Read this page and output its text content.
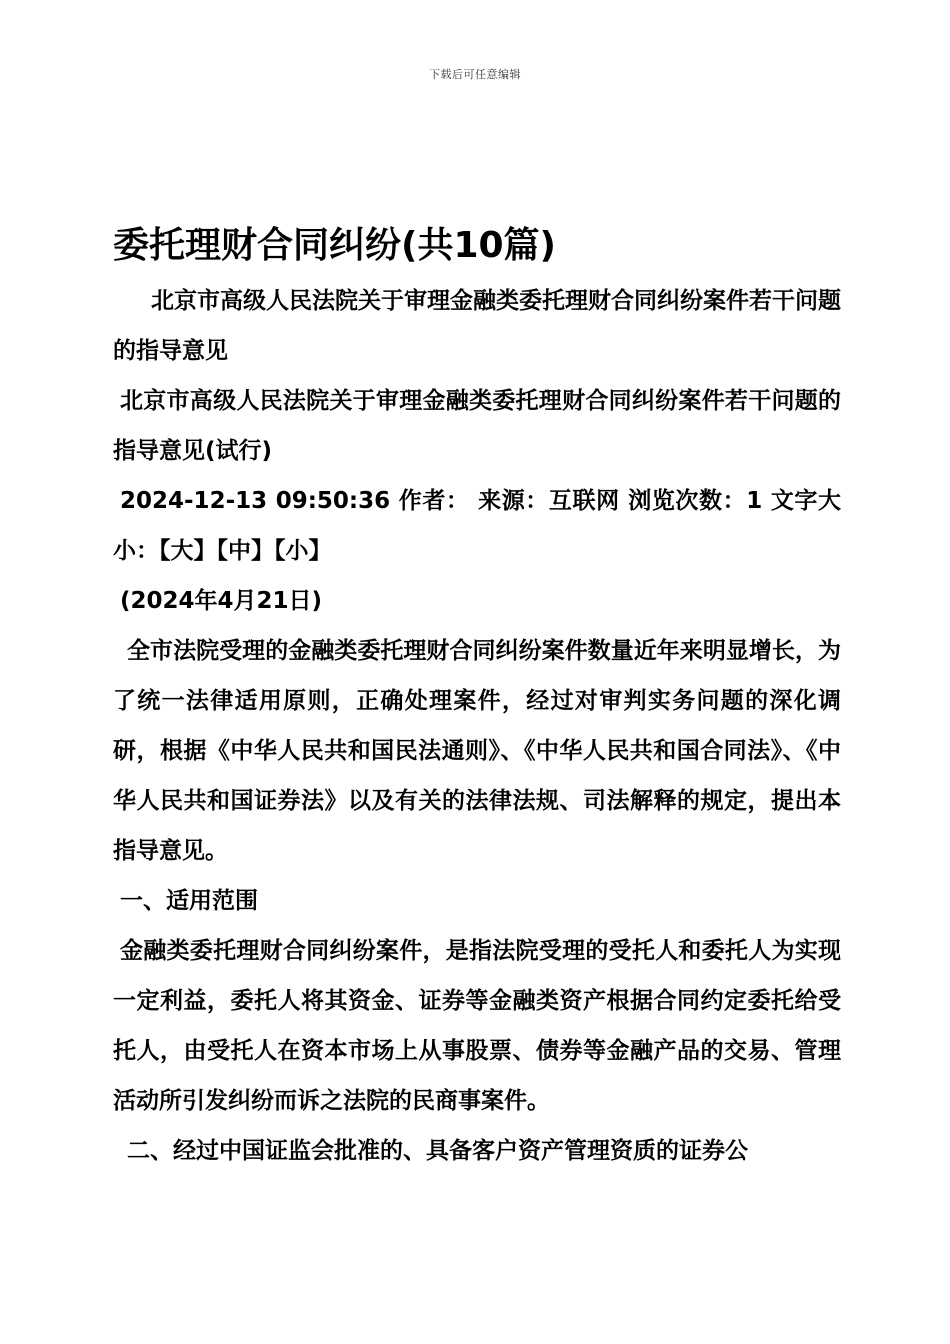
下载后可任意编辑
委托理财合同纠纷(共10篇)

北京市高级人民法院关于审理金融类委托理财合同纠纷案件若干问题的指导意见

北京市高级人民法院关于审理金融类委托理财合同纠纷案件若干问题的指导意见(试行)

2024-12-13 09:50:36 作者： 来源：互联网 浏览次数：1 文字大小：【大】【中】【小】

(2024年4月21日)

全市法院受理的金融类委托理财合同纠纷案件数量近年来明显增长，为了统一法律适用原则，正确处理案件，经过对审判实务问题的深化调研，根据《中华人民共和国民法通则》、《中华人民共和国合同法》、《中华人民共和国证券法》以及有关的法律法规、司法解释的规定，提出本指导意见。

一、适用范围

金融类委托理财合同纠纷案件，是指法院受理的受托人和委托人为实现一定利益，委托人将其资金、证券等金融类资产根据合同约定委托给受托人，由受托人在资本市场上从事股票、债券等金融产品的交易、管理活动所引发纠纷而诉之法院的民商事案件。

二、经过中国证监会批准的、具备客户资产管理资质的证券公
